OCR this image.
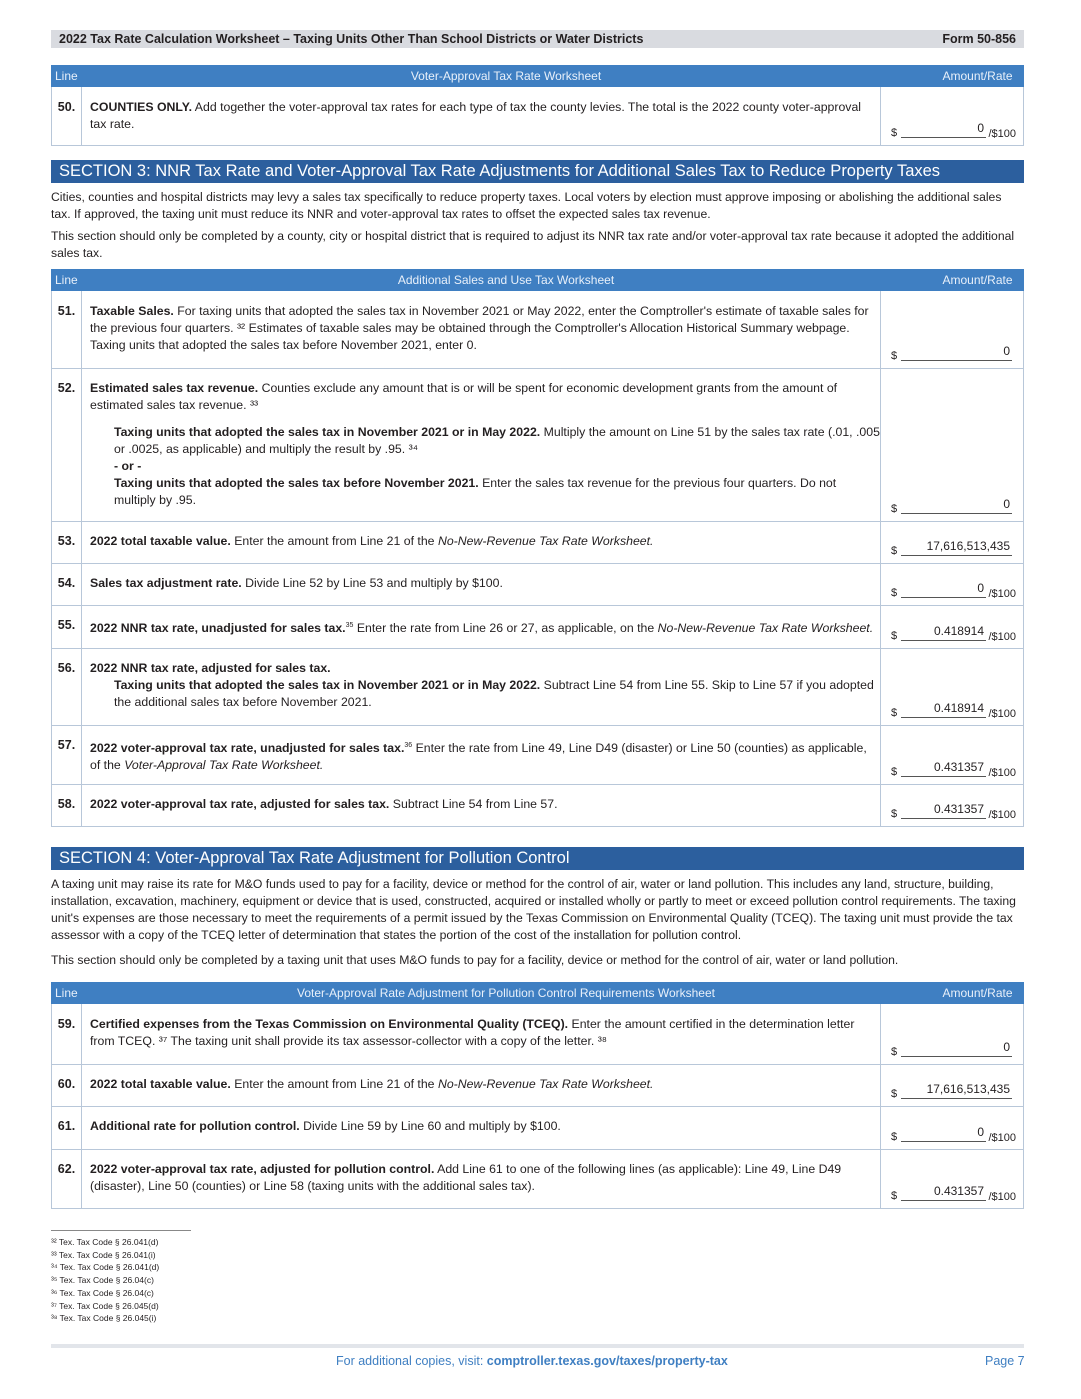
2022 Tax Rate Calculation Worksheet – Taxing Units Other Than School Districts or Water Districts	Form 50-856
Line	Voter-Approval Tax Rate Worksheet	Amount/Rate
50.	COUNTIES ONLY. Add together the voter-approval tax rates for each type of tax the county levies. The total is the 2022 county voter-approval tax rate.
$	0 /$100
SECTION 3: NNR Tax Rate and Voter-Approval Tax Rate Adjustments for Additional Sales Tax to Reduce Property Taxes
Cities, counties and hospital districts may levy a sales tax specifically to reduce property taxes. Local voters by election must approve imposing or abolishing the additional sales tax. If approved, the taxing unit must reduce its NNR and voter-approval tax rates to offset the expected sales tax revenue.
This section should only be completed by a county, city or hospital district that is required to adjust its NNR tax rate and/or voter-approval tax rate because it adopted the additional sales tax.
Line	Additional Sales and Use Tax Worksheet	Amount/Rate
51.	Taxable Sales. For taxing units that adopted the sales tax in November 2021 or May 2022, enter the Comptroller's estimate of taxable sales for the previous four quarters. ³² Estimates of taxable sales may be obtained through the Comptroller's Allocation Historical Summary webpage. Taxing units that adopted the sales tax before November 2021, enter 0.
$	0
52.	Estimated sales tax revenue. Counties exclude any amount that is or will be spent for economic development grants from the amount of estimated sales tax revenue. ³³
Taxing units that adopted the sales tax in November 2021 or in May 2022. Multiply the amount on Line 51 by the sales tax rate (.01, .005 or .0025, as applicable) and multiply the result by .95. ³⁴
- or -
Taxing units that adopted the sales tax before November 2021. Enter the sales tax revenue for the previous four quarters. Do not multiply by .95.
$	0
53.	2022 total taxable value. Enter the amount from Line 21 of the No-New-Revenue Tax Rate Worksheet.
$	17,616,513,435
54.	Sales tax adjustment rate. Divide Line 52 by Line 53 and multiply by $100.
$	0 /$100
55.	2022 NNR tax rate, unadjusted for sales tax.$^{35}$ Enter the rate from Line 26 or 27, as applicable, on the No-New-Revenue Tax Rate Worksheet.
$	0.418914 /$100
56.	2022 NNR tax rate, adjusted for sales tax.
Taxing units that adopted the sales tax in November 2021 or in May 2022. Subtract Line 54 from Line 55. Skip to Line 57 if you adopted the additional sales tax before November 2021.
$	0.418914 /$100
57.	2022 voter-approval tax rate, unadjusted for sales tax.$^{36}$ Enter the rate from Line 49, Line D49 (disaster) or Line 50 (counties) as applicable, of the Voter-Approval Tax Rate Worksheet.	$	0.431357 /$100
58.	2022 voter-approval tax rate, adjusted for sales tax. Subtract Line 54 from Line 57.
$	0.431357 /$100
SECTION 4: Voter-Approval Tax Rate Adjustment for Pollution Control
A taxing unit may raise its rate for M&O funds used to pay for a facility, device or method for the control of air, water or land pollution. This includes any land, structure, building, installation, excavation, machinery, equipment or device that is used, constructed, acquired or installed wholly or partly to meet or exceed pollution control requirements. The taxing unit's expenses are those necessary to meet the requirements of a permit issued by the Texas Commission on Environmental Quality (TCEQ). The taxing unit must provide the tax assessor with a copy of the TCEQ letter of determination that states the portion of the cost of the installation for pollution control.
This section should only be completed by a taxing unit that uses M&O funds to pay for a facility, device or method for the control of air, water or land pollution.
Line	Voter-Approval Rate Adjustment for Pollution Control Requirements Worksheet	Amount/Rate
59.	Certified expenses from the Texas Commission on Environmental Quality (TCEQ). Enter the amount certified in the determination letter from TCEQ. ³⁷ The taxing unit shall provide its tax assessor-collector with a copy of the letter. ³⁸
$	0
60.	2022 total taxable value. Enter the amount from Line 21 of the No-New-Revenue Tax Rate Worksheet.
$	17,616,513,435
61.	Additional rate for pollution control. Divide Line 59 by Line 60 and multiply by $100.
$	0 /$100
62.	2022 voter-approval tax rate, adjusted for pollution control. Add Line 61 to one of the following lines (as applicable): Line 49, Line D49 (disaster), Line 50 (counties) or Line 58 (taxing units with the additional sales tax).
$	0.431357 /$100
³² Tex. Tax Code § 26.041(d)
³³ Tex. Tax Code § 26.041(i)
³⁴ Tex. Tax Code § 26.041(d)
³⁵ Tex. Tax Code § 26.04(c)
³⁶ Tex. Tax Code § 26.04(c)
³⁷ Tex. Tax Code § 26.045(d)
³⁸ Tex. Tax Code § 26.045(i)
For additional copies, visit: comptroller.texas.gov/taxes/property-tax	Page 7
